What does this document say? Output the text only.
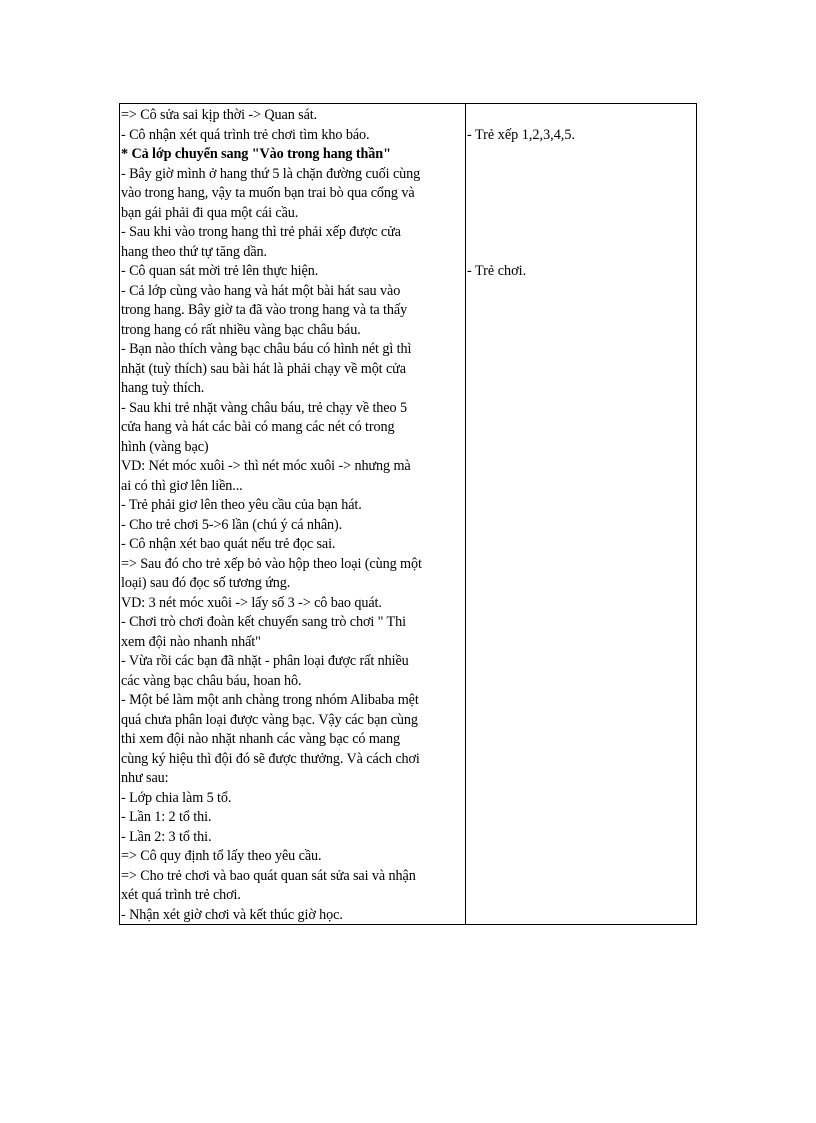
=> Cô sửa sai kịp thời -> Quan sát.
- Cô nhận xét quá trình trẻ chơi tìm kho báo.
* Cả lớp chuyển sang "Vào trong hang thần"
- Bây giờ mình ở hang thứ 5 là chặn đường cuối cùng
vào trong hang, vậy ta muốn bạn trai bò qua cổng và
bạn gái phải đi qua một cái cầu.
- Sau khi vào trong hang thì trẻ phải xếp được cửa
hang theo thứ tự tăng dần.
- Cô quan sát mời trẻ lên thực hiện.
- Cả lớp cùng vào hang và hát một bài hát sau vào
trong hang. Bây giờ ta đã vào trong hang và ta thấy
trong hang có rất nhiều vàng bạc châu báu.
- Bạn nào thích vàng bạc châu báu có hình nét gì thì
nhặt (tuỳ thích) sau bài hát là phải chạy về một cửa
hang tuỳ thích.
- Sau khi trẻ nhặt vàng châu báu, trẻ chạy về theo 5
cửa hang và hát các bài có mang các nét có trong
hình (vàng bạc)
VD: Nét móc xuôi -> thì nét móc xuôi -> nhưng mà
ai có thì giơ lên liền...
- Trẻ phải giơ lên theo yêu cầu của bạn hát.
- Cho trẻ chơi 5->6 lần (chú ý cá nhân).
- Cô nhận xét bao quát nếu trẻ đọc sai.
=> Sau đó cho trẻ xếp bỏ vào hộp theo loại (cùng một
loại) sau đó đọc số tương ứng.
VD: 3 nét móc xuôi -> lấy số 3 -> cô bao quát.
- Chơi trò chơi đoàn kết chuyển sang trò chơi " Thi
xem đội nào nhanh nhất"
- Vừa rồi các bạn đã nhặt - phân loại được rất nhiều
các vàng bạc châu báu, hoan hô.
- Một bé làm một anh chàng trong nhóm Alibaba mệt
quá chưa phân loại được vàng bạc. Vậy các bạn cùng
thi xem đội nào nhặt nhanh các vàng bạc có mang
cùng ký hiệu thì đội đó sẽ được thưởng. Và cách chơi
như sau:
- Lớp chia làm 5 tổ.
- Lần 1: 2 tổ thi.
- Lần 2: 3 tổ thi.
=> Cô quy định tổ lấy theo yêu cầu.
=> Cho trẻ chơi và bao quát quan sát sửa sai và nhận
xét quá trình trẻ chơi.
- Nhận xét giờ chơi và kết thúc giờ học.
- Trẻ xếp 1,2,3,4,5.
- Trẻ chơi.
